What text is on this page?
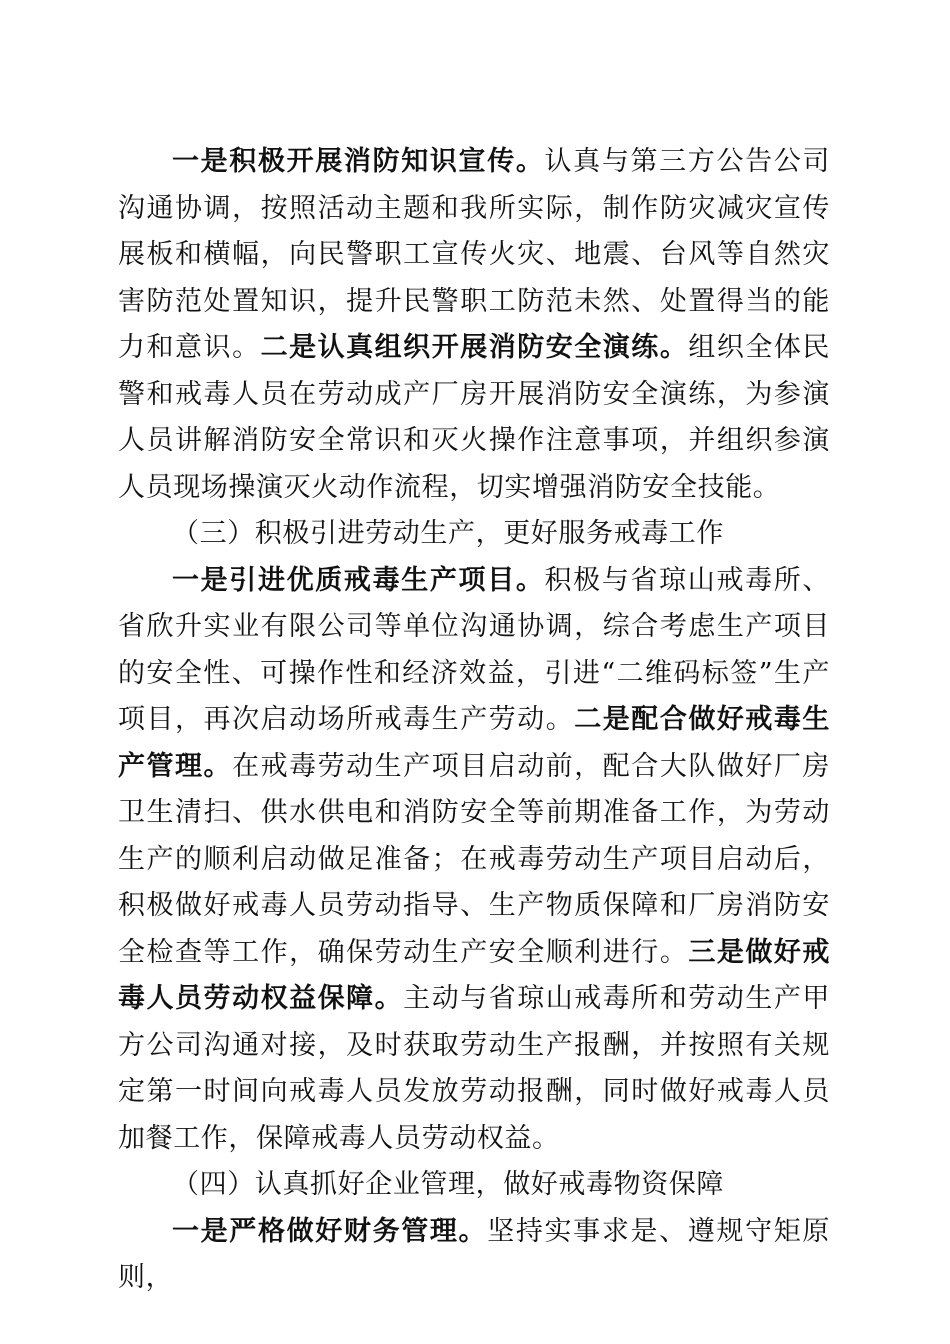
一是积极开展消防知识宣传。认真与第三方公告公司沟通协调，按照活动主题和我所实际，制作防灾减灾宣传展板和横幅，向民警职工宣传火灾、地震、台风等自然灾害防范处置知识，提升民警职工防范未然、处置得当的能力和意识。二是认真组织开展消防安全演练。组织全体民警和戒毒人员在劳动成产厂房开展消防安全演练，为参演人员讲解消防安全常识和灭火操作注意事项，并组织参演人员现场操演灭火动作流程，切实增强消防安全技能。

（三）积极引进劳动生产，更好服务戒毒工作

一是引进优质戒毒生产项目。积极与省琼山戒毒所、省欣升实业有限公司等单位沟通协调，综合考虑生产项目的安全性、可操作性和经济效益，引进“二维码标签”生产项目，再次启动场所戒毒生产劳动。二是配合做好戒毒生产管理。在戒毒劳动生产项目启动前，配合大队做好厂房卫生清扫、供水供电和消防安全等前期准备工作，为劳动生产的顺利启动做足准备；在戒毒劳动生产项目启动后，积极做好戒毒人员劳动指导、生产物质保障和厂房消防安全检查等工作，确保劳动生产安全顺利进行。三是做好戒毒人员劳动权益保障。主动与省琼山戒毒所和劳动生产甲方公司沟通对接，及时获取劳动生产报酬，并按照有关规定第一时间向戒毒人员发放劳动报酬，同时做好戒毒人员加餐工作，保障戒毒人员劳动权益。

（四）认真抓好企业管理，做好戒毒物资保障

一是严格做好财务管理。坚持实事求是、遵规守矩原则，
